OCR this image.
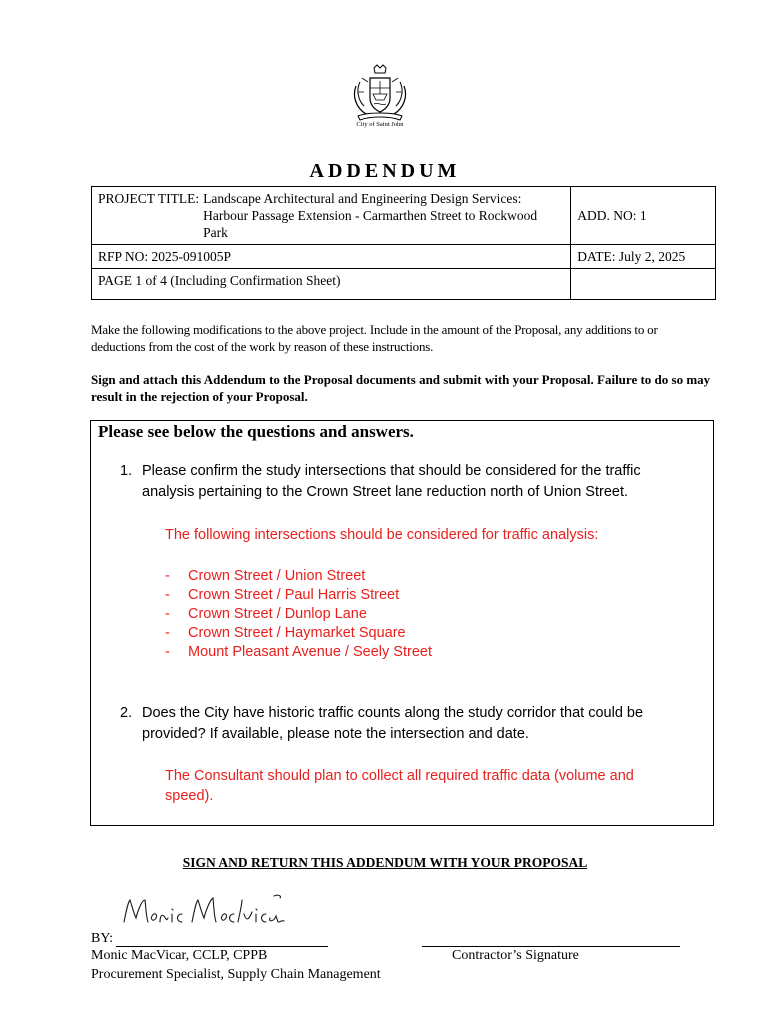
City of Saint John
ADDENDUM
PROJECT TITLE: Landscape Architectural and Engineering Design Services: Harbour Passage Extension - Carmarthen Street to Rockwood Park	ADD. NO: 1
RFP NO: 2025-091005P	DATE: July 2, 2025
PAGE 1 of 4 (Including Confirmation Sheet)	
Make the following modifications to the above project. Include in the amount of the Proposal, any additions to or deductions from the cost of the work by reason of these instructions.
Sign and attach this Addendum to the Proposal documents and submit with your Proposal. Failure to do so may result in the rejection of your Proposal.
Please see below the questions and answers.
1. Please confirm the study intersections that should be considered for the traffic analysis pertaining to the Crown Street lane reduction north of Union Street.
The following intersections should be considered for traffic analysis:
- Crown Street / Union Street
- Crown Street / Paul Harris Street
- Crown Street / Dunlop Lane
- Crown Street / Haymarket Square
- Mount Pleasant Avenue / Seely Street
2. Does the City have historic traffic counts along the study corridor that could be provided? If available, please note the intersection and date.
The Consultant should plan to collect all required traffic data (volume and speed).
SIGN AND RETURN THIS ADDENDUM WITH YOUR PROPOSAL
BY:
Monic MacVicar, CCLP, CPPB
Procurement Specialist, Supply Chain Management
Contractor’s Signature
